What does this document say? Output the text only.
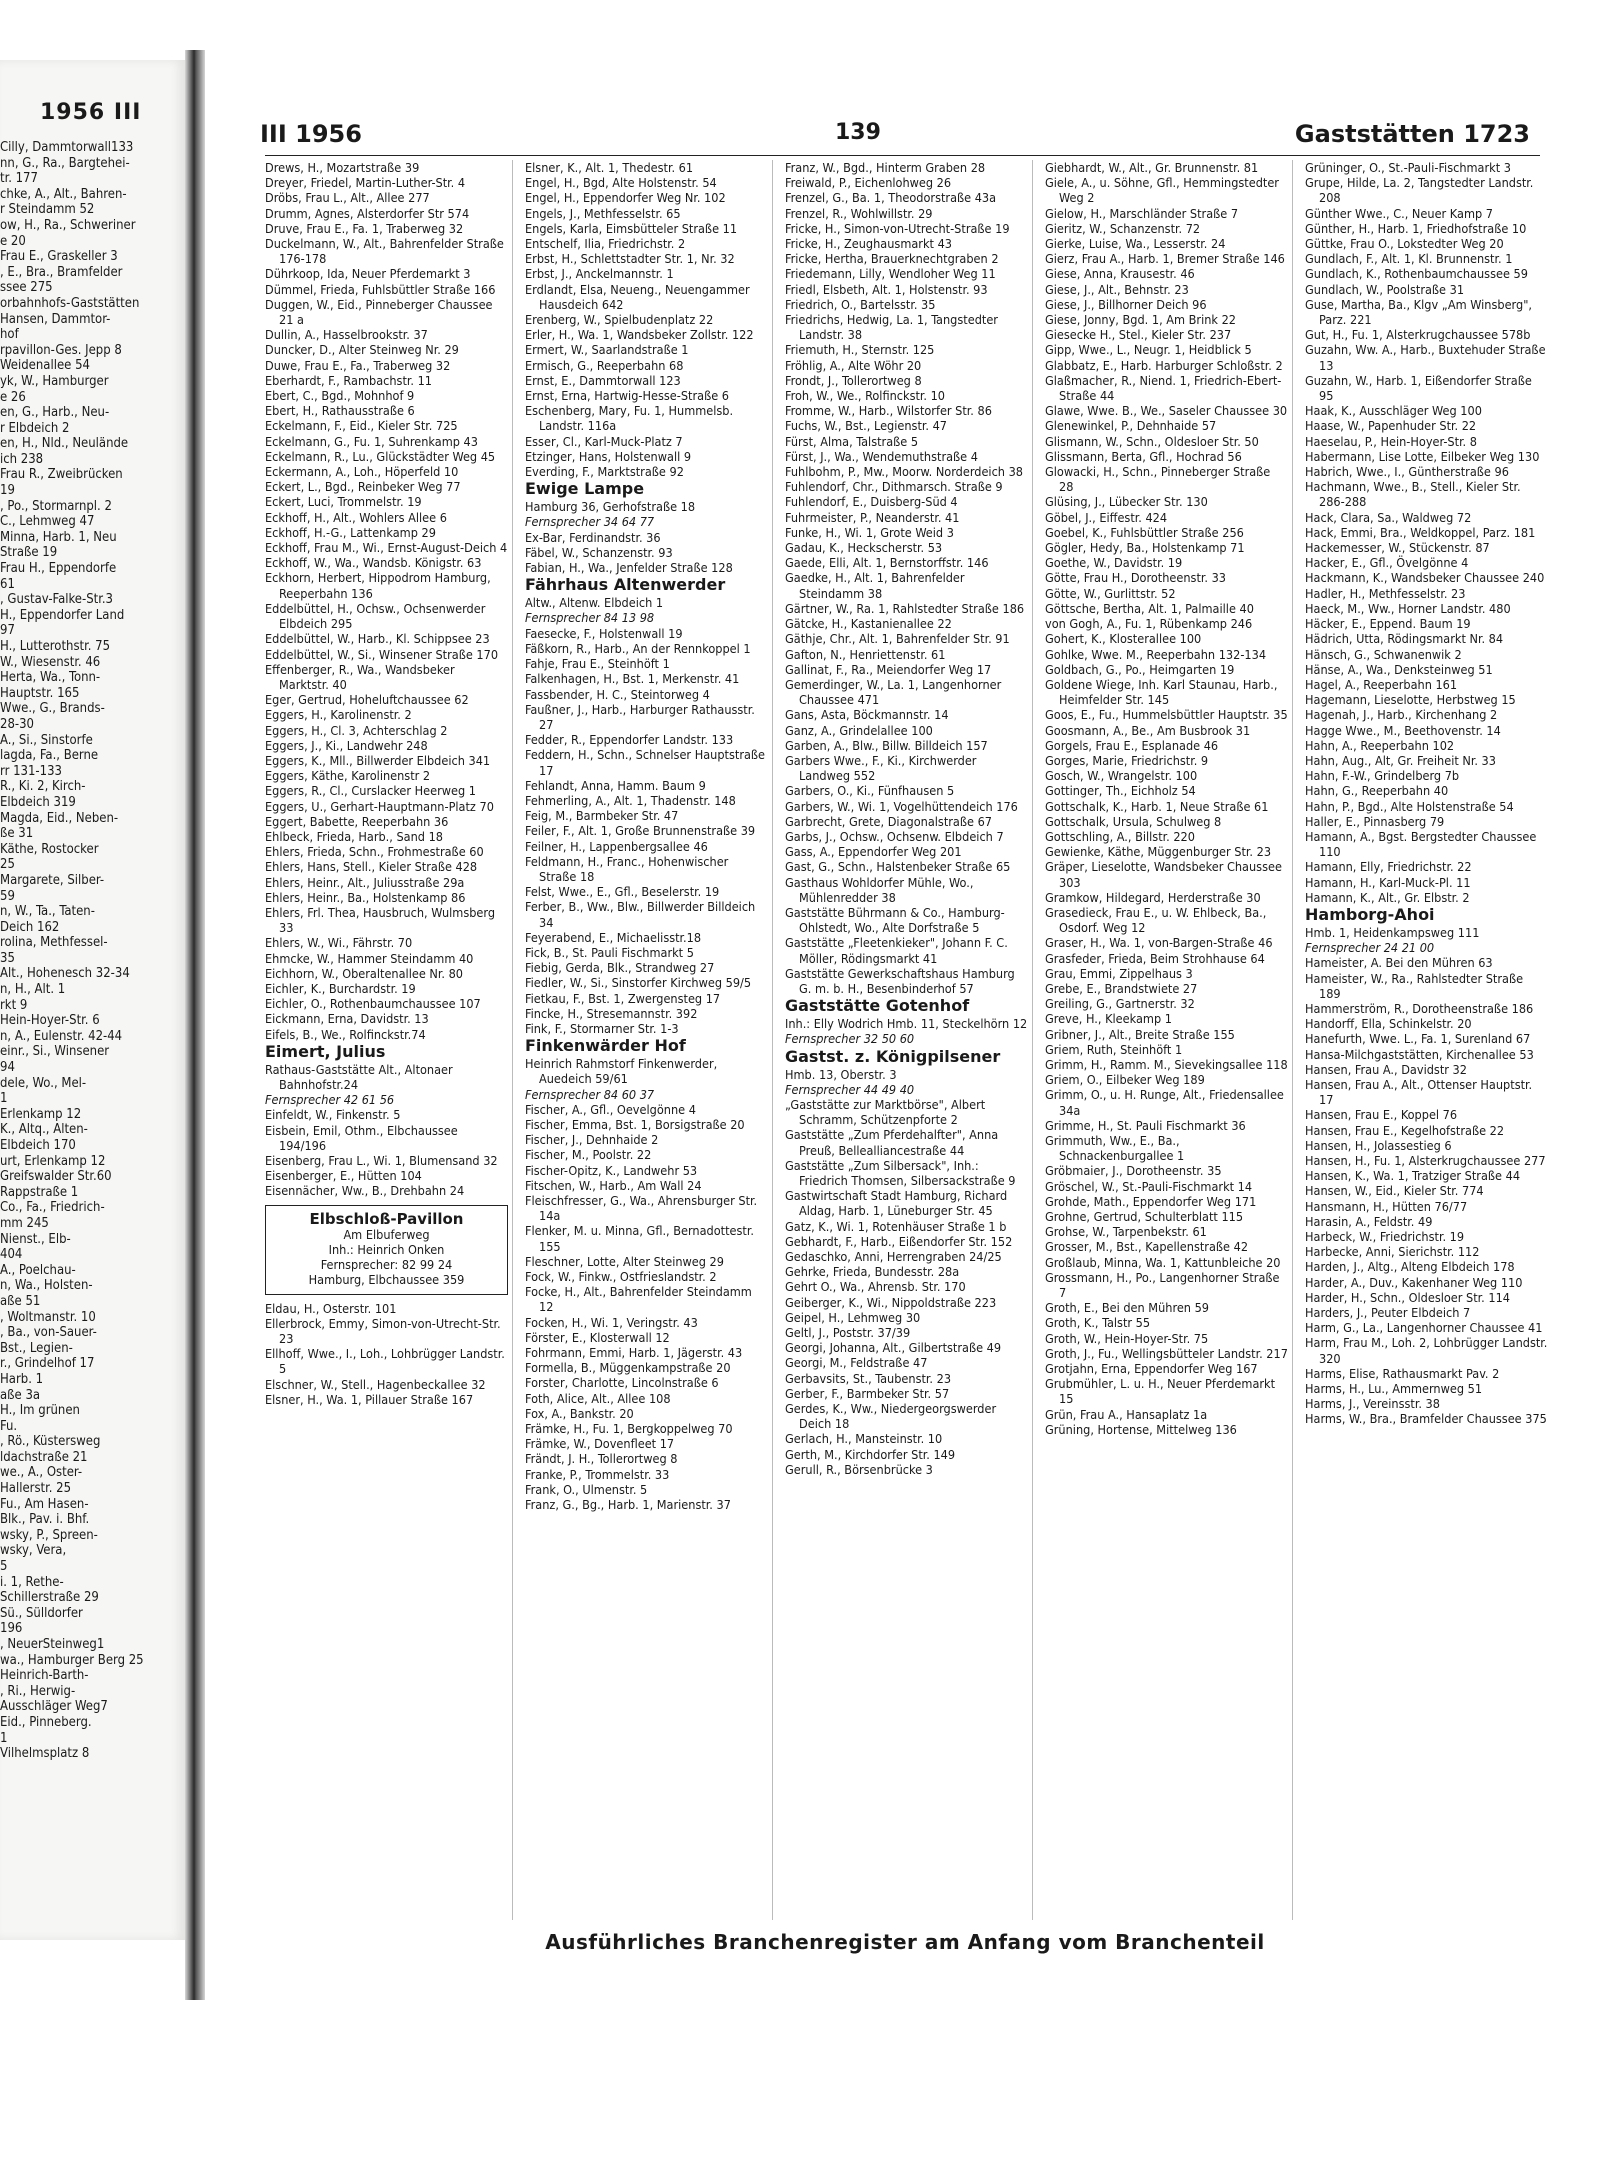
1956 III
Cilly, Dammtorwall133
nn, G., Ra., Bargtehei-
tr. 177
chke, A., Alt., Bahren-
r Steindamm 52
ow, H., Ra., Schweriner
e 20
Frau E., Graskeller 3
, E., Bra., Bramfelder
ssee 275
orbahnhofs-Gaststätten
Hansen, Dammtor-
hof
rpavillon-Ges. Jepp 8
Weidenallee 54
yk, W., Hamburger
e 26
en, G., Harb., Neu-
r Elbdeich 2
en, H., Nld., Neulände
ich 238
Frau R., Zweibrücken
19
, Po., Stormarnpl. 2
C., Lehmweg 47
Minna, Harb. 1, Neu
Straße 19
Frau H., Eppendorfe
61
, Gustav-Falke-Str.3
H., Eppendorfer Land
97
H., Lutterothstr. 75
W., Wiesenstr. 46
Herta, Wa., Tonn-
Hauptstr. 165
Wwe., G., Brands-
28-30
A., Si., Sinstorfe
lagda, Fa., Berne
rr 131-133
R., Ki. 2, Kirch-
Elbdeich 319
Magda, Eid., Neben-
ße 31
Käthe, Rostocker
25
Margarete, Silber-
59
n, W., Ta., Taten-
Deich 162
rolina, Methfessel-
35
Alt., Hohenesch 32-34
n, H., Alt. 1
rkt 9
Hein-Hoyer-Str. 6
n, A., Eulenstr. 42-44
einr., Si., Winsener
94
dele, Wo., Mel-
1
Erlenkamp 12
K., Altq., Alten-
Elbdeich 170
urt, Erlenkamp 12
Greifswalder Str.60
Rappstraße 1
Co., Fa., Friedrich-
mm 245
Nienst., Elb-
404
A., Poelchau-
n, Wa., Holsten-
aße 51
, Woltmanstr. 10
, Ba., von-Sauer-
Bst., Legien-
r., Grindelhof 17
Harb. 1
aße 3a
H., Im grünen
Fu.
, Rö., Küstersweg
ldachstraße 21
we., A., Oster-
Hallerstr. 25
Fu., Am Hasen-
Blk., Pav. i. Bhf.
wsky, P., Spreen-
wsky, Vera,
5
i. 1, Rethe-
Schillerstraße 29
Sü., Sülldorfer
196
, NeuerSteinweg1
wa., Hamburger Berg 25
Heinrich-Barth-
, Ri., Herwig-
Ausschläger Weg7
Eid., Pinneberg.
1
Vilhelmsplatz 8
III 1956	139	Gaststätten 1723

Drews, H., Mozartstraße 39

Dreyer, Friedel, Martin-Luther-Str. 4

Dröbs, Frau L., Alt., Allee 277

Drumm, Agnes, Alsterdorfer Str 574

Druve, Frau E., Fa. 1, Traberweg 32

Duckelmann, W., Alt., Bahrenfelder Straße 176-178

Dührkoop, Ida, Neuer Pferdemarkt 3

Dümmel, Frieda, Fuhlsbüttler Straße 166

Duggen, W., Eid., Pinneberger Chaussee 21 a

Dullin, A., Hasselbrookstr. 37

Duncker, D., Alter Steinweg Nr. 29

Duwe, Frau E., Fa., Traberweg 32

Eberhardt, F., Rambachstr. 11

Ebert, C., Bgd., Mohnhof 9

Ebert, H., Rathausstraße 6

Eckelmann, F., Eid., Kieler Str. 725

Eckelmann, G., Fu. 1, Suhrenkamp 43

Eckelmann, R., Lu., Glückstädter Weg 45

Eckermann, A., Loh., Höperfeld 10

Eckert, L., Bgd., Reinbeker Weg 77

Eckert, Luci, Trommelstr. 19

Eckhoff, H., Alt., Wohlers Allee 6

Eckhoff, H.-G., Lattenkamp 29

Eckhoff, Frau M., Wi., Ernst-August-Deich 4

Eckhoff, W., Wa., Wandsb. Königstr. 63

Eckhorn, Herbert, Hippodrom Hamburg, Reeperbahn 136

Eddelbüttel, H., Ochsw., Ochsenwerder Elbdeich 295

Eddelbüttel, W., Harb., Kl. Schippsee 23

Eddelbüttel, W., Si., Winsener Straße 170

Effenberger, R., Wa., Wandsbeker Marktstr. 40

Eger, Gertrud, Hoheluftchaussee 62

Eggers, H., Karolinenstr. 2

Eggers, H., Cl. 3, Achterschlag 2

Eggers, J., Ki., Landwehr 248

Eggers, K., Mll., Billwerder Elbdeich 341

Eggers, Käthe, Karolinenstr 2

Eggers, R., Cl., Curslacker Heerweg 1

Eggers, U., Gerhart-Hauptmann-Platz 70

Eggert, Babette, Reeperbahn 36

Ehlbeck, Frieda, Harb., Sand 18

Ehlers, Frieda, Schn., Frohmestraße 60

Ehlers, Hans, Stell., Kieler Straße 428

Ehlers, Heinr., Alt., Juliusstraße 29a

Ehlers, Heinr., Ba., Holstenkamp 86

Ehlers, Frl. Thea, Hausbruch, Wulmsberg 33

Ehlers, W., Wi., Fährstr. 70

Ehmcke, W., Hammer Steindamm 40

Eichhorn, W., Oberaltenallee Nr. 80

Eichler, K., Burchardstr. 19

Eichler, O., Rothenbaumchaussee 107

Eickmann, Erna, Davidstr. 13

Eifels, B., We., Rolfinckstr.74

Eimert, Julius

Rathaus-Gaststätte Alt., Altonaer Bahnhofstr.24

Fernsprecher 42 61 56

Einfeldt, W., Finkenstr. 5

Eisbein, Emil, Othm., Elbchaussee 194/196

Eisenberg, Frau L., Wi. 1, Blumensand 32

Eisenberger, E., Hütten 104

Eisennächer, Ww., B., Drehbahn 24

Elbschloß-Pavillon
Am Elbuferweg
Inh.: Heinrich Onken
Fernsprecher: 82 99 24
Hamburg, Elbchaussee 359

Eldau, H., Osterstr. 101

Ellerbrock, Emmy, Simon-von-Utrecht-Str. 23

Ellhoff, Wwe., I., Loh., Lohbrügger Landstr. 5

Elschner, W., Stell., Hagenbeckallee 32

Elsner, H., Wa. 1, Pillauer Straße 167

Elsner, K., Alt. 1, Thedestr. 61

Engel, H., Bgd, Alte Holstenstr. 54

Engel, H., Eppendorfer Weg Nr. 102

Engels, J., Methfesselstr. 65

Engels, Karla, Eimsbütteler Straße 11

Entschelf, Ilia, Friedrichstr. 2

Erbst, H., Schlettstadter Str. 1, Nr. 32

Erbst, J., Anckelmannstr. 1

Erdlandt, Elsa, Neueng., Neuengammer Hausdeich 642

Erenberg, W., Spielbudenplatz 22

Erler, H., Wa. 1, Wandsbeker Zollstr. 122

Ermert, W., Saarlandstraße 1

Ermisch, G., Reeperbahn 68

Ernst, E., Dammtorwall 123

Ernst, Erna, Hartwig-Hesse-Straße 6

Eschenberg, Mary, Fu. 1, Hummelsb. Landstr. 116a

Esser, Cl., Karl-Muck-Platz 7

Etzinger, Hans, Holstenwall 9

Everding, F., Marktstraße 92

Ewige Lampe

Hamburg 36, Gerhofstraße 18

Fernsprecher 34 64 77

Ex-Bar, Ferdinandstr. 36

Fäbel, W., Schanzenstr. 93

Fabian, H., Wa., Jenfelder Straße 128

Fährhaus Altenwerder

Altw., Altenw. Elbdeich 1

Fernsprecher 84 13 98

Faesecke, F., Holstenwall 19

Fäßkorn, R., Harb., An der Rennkoppel 1

Fahje, Frau E., Steinhöft 1

Falkenhagen, H., Bst. 1, Merkenstr. 41

Fassbender, H. C., Steintorweg 4

Faußner, J., Harb., Harburger Rathausstr. 27

Fedder, R., Eppendorfer Landstr. 133

Feddern, H., Schn., Schnelser Hauptstraße 17

Fehlandt, Anna, Hamm. Baum 9

Fehmerling, A., Alt. 1, Thadenstr. 148

Feig, M., Barmbeker Str. 47

Feiler, F., Alt. 1, Große Brunnenstraße 39

Feilner, H., Lappenbergsallee 46

Feldmann, H., Franc., Hohenwischer Straße 18

Felst, Wwe., E., Gfl., Beselerstr. 19

Ferber, B., Ww., Blw., Billwerder Billdeich 34

Feyerabend, E., Michaelisstr.18

Fick, B., St. Pauli Fischmarkt 5

Fiebig, Gerda, Blk., Strandweg 27

Fiedler, W., Si., Sinstorfer Kirchweg 59/5

Fietkau, F., Bst. 1, Zwergensteg 17

Fincke, H., Stresemannstr. 392

Fink, F., Stormarner Str. 1-3

Finkenwärder Hof

Heinrich Rahmstorf Finkenwerder, Auedeich 59/61

Fernsprecher 84 60 37

Fischer, A., Gfl., Oevelgönne 4

Fischer, Emma, Bst. 1, Borsigstraße 20

Fischer, J., Dehnhaide 2

Fischer, M., Poolstr. 22

Fischer-Opitz, K., Landwehr 53

Fitschen, W., Harb., Am Wall 24

Fleischfresser, G., Wa., Ahrensburger Str. 14a

Flenker, M. u. Minna, Gfl., Bernadottestr. 155

Fleschner, Lotte, Alter Steinweg 29

Fock, W., Finkw., Ostfrieslandstr. 2

Focke, H., Alt., Bahrenfelder Steindamm 12

Focken, H., Wi. 1, Veringstr. 43

Förster, E., Klosterwall 12

Fohrmann, Emmi, Harb. 1, Jägerstr. 43

Formella, B., Müggenkampstraße 20

Forster, Charlotte, Lincolnstraße 6

Foth, Alice, Alt., Allee 108

Fox, A., Bankstr. 20

Främke, H., Fu. 1, Bergkoppelweg 70

Främke, W., Dovenfleet 17

Frändt, J. H., Tollerortweg 8

Franke, P., Trommelstr. 33

Frank, O., Ulmenstr. 5

Franz, G., Bg., Harb. 1, Marienstr. 37

Franz, W., Bgd., Hinterm Graben 28

Freiwald, P., Eichenlohweg 26

Frenzel, G., Ba. 1, Theodorstraße 43a

Frenzel, R., Wohlwillstr. 29

Fricke, H., Simon-von-Utrecht-Straße 19

Fricke, H., Zeughausmarkt 43

Fricke, Hertha, Brauerknechtgraben 2

Friedemann, Lilly, Wendloher Weg 11

Friedl, Elsbeth, Alt. 1, Holstenstr. 93

Friedrich, O., Bartelsstr. 35

Friedrichs, Hedwig, La. 1, Tangstedter Landstr. 38

Friemuth, H., Sternstr. 125

Fröhlig, A., Alte Wöhr 20

Frondt, J., Tollerortweg 8

Froh, W., We., Rolfinckstr. 10

Fromme, W., Harb., Wilstorfer Str. 86

Fuchs, W., Bst., Legienstr. 47

Fürst, Alma, Talstraße 5

Fürst, J., Wa., Wendemuthstraße 4

Fuhlbohm, P., Mw., Moorw. Norderdeich 38

Fuhlendorf, Chr., Dithmarsch. Straße 9

Fuhlendorf, E., Duisberg-Süd 4

Fuhrmeister, P., Neanderstr. 41

Funke, H., Wi. 1, Grote Weid 3

Gadau, K., Heckscherstr. 53

Gaede, Elli, Alt. 1, Bernstorffstr. 146

Gaedke, H., Alt. 1, Bahrenfelder Steindamm 38

Gärtner, W., Ra. 1, Rahlstedter Straße 186

Gätcke, H., Kastanienallee 22

Gäthje, Chr., Alt. 1, Bahrenfelder Str. 91

Gafton, N., Henriettenstr. 61

Gallinat, F., Ra., Meiendorfer Weg 17

Gemerdinger, W., La. 1, Langenhorner Chaussee 471

Gans, Asta, Böckmannstr. 14

Ganz, A., Grindelallee 100

Garben, A., Blw., Billw. Billdeich 157

Garbers Wwe., F., Ki., Kirchwerder Landweg 552

Garbers, O., Ki., Fünfhausen 5

Garbers, W., Wi. 1, Vogelhüttendeich 176

Garbrecht, Grete, Diagonalstraße 67

Garbs, J., Ochsw., Ochsenw. Elbdeich 7

Gass, A., Eppendorfer Weg 201

Gast, G., Schn., Halstenbeker Straße 65

Gasthaus Wohldorfer Mühle, Wo., Mühlenredder 38

Gaststätte Bührmann & Co., Hamburg-Ohlstedt, Wo., Alte Dorfstraße 5

Gaststätte „Fleetenkieker", Johann F. C. Möller, Rödingsmarkt 41

Gaststätte Gewerkschaftshaus Hamburg G. m. b. H., Besenbinderhof 57

Gaststätte Gotenhof

Inh.: Elly Wodrich Hmb. 11, Steckelhörn 12

Fernsprecher 32 50 60

Gastst. z. Königpilsener

Hmb. 13, Oberstr. 3

Fernsprecher 44 49 40

„Gaststätte zur Marktbörse", Albert Schramm, Schützenpforte 2

Gaststätte „Zum Pferdehalfter", Anna Preuß, Bellealliancestraße 44

Gaststätte „Zum Silbersack", Inh.: Friedrich Thomsen, Silbersackstraße 9

Gastwirtschaft Stadt Hamburg, Richard Aldag, Harb. 1, Lüneburger Str. 45

Gatz, K., Wi. 1, Rotenhäuser Straße 1 b

Gebhardt, F., Harb., Eißendorfer Str. 152

Gedaschko, Anni, Herrengraben 24/25

Gehrke, Frieda, Bundesstr. 28a

Gehrt O., Wa., Ahrensb. Str. 170

Geiberger, K., Wi., Nippoldstraße 223

Geipel, H., Lehmweg 30

Geltl, J., Poststr. 37/39

Georgi, Johanna, Alt., Gilbertstraße 49

Georgi, M., Feldstraße 47

Gerbavsits, St., Taubenstr. 23

Gerber, F., Barmbeker Str. 57

Gerdes, K., Ww., Niedergeorgswerder Deich 18

Gerlach, H., Mansteinstr. 10

Gerth, M., Kirchdorfer Str. 149

Gerull, R., Börsenbrücke 3

Giebhardt, W., Alt., Gr. Brunnenstr. 81

Giele, A., u. Söhne, Gfl., Hemmingstedter Weg 2

Gielow, H., Marschländer Straße 7

Gieritz, W., Schanzenstr. 72

Gierke, Luise, Wa., Lesserstr. 24

Gierz, Frau A., Harb. 1, Bremer Straße 146

Giese, Anna, Krausestr. 46

Giese, J., Alt., Behnstr. 23

Giese, J., Billhorner Deich 96

Giese, Jonny, Bgd. 1, Am Brink 22

Giesecke H., Stel., Kieler Str. 237

Gipp, Wwe., L., Neugr. 1, Heidblick 5

Glabbatz, E., Harb. Harburger Schloßstr. 2

Glaßmacher, R., Niend. 1, Friedrich-Ebert-Straße 44

Glawe, Wwe. B., We., Saseler Chaussee 30

Glenewinkel, P., Dehnhaide 57

Glismann, W., Schn., Oldesloer Str. 50

Glissmann, Berta, Gfl., Hochrad 56

Glowacki, H., Schn., Pinneberger Straße 28

Glüsing, J., Lübecker Str. 130

Göbel, J., Eiffestr. 424

Goebel, K., Fuhlsbüttler Straße 256

Gögler, Hedy, Ba., Holstenkamp 71

Goethe, W., Davidstr. 19

Götte, Frau H., Dorotheenstr. 33

Götte, W., Gurlittstr. 52

Göttsche, Bertha, Alt. 1, Palmaille 40

von Gogh, A., Fu. 1, Rübenkamp 246

Gohert, K., Klosterallee 100

Gohlke, Wwe. M., Reeperbahn 132-134

Goldbach, G., Po., Heimgarten 19

Goldene Wiege, Inh. Karl Staunau, Harb., Heimfelder Str. 145

Goos, E., Fu., Hummelsbüttler Hauptstr. 35

Goosmann, A., Be., Am Busbrook 31

Gorgels, Frau E., Esplanade 46

Gorges, Marie, Friedrichstr. 9

Gosch, W., Wrangelstr. 100

Gottinger, Th., Eichholz 54

Gottschalk, K., Harb. 1, Neue Straße 61

Gottschalk, Ursula, Schulweg 8

Gottschling, A., Billstr. 220

Gewienke, Käthe, Müggenburger Str. 23

Gräper, Lieselotte, Wandsbeker Chaussee 303

Gramkow, Hildegard, Herderstraße 30

Grasedieck, Frau E., u. W. Ehlbeck, Ba., Osdorf. Weg 12

Graser, H., Wa. 1, von-Bargen-Straße 46

Grasfeder, Frieda, Beim Strohhause 64

Grau, Emmi, Zippelhaus 3

Grebe, E., Brandstwiete 27

Greiling, G., Gartnerstr. 32

Greve, H., Kleekamp 1

Gribner, J., Alt., Breite Straße 155

Griem, Ruth, Steinhöft 1

Grimm, H., Ramm. M., Sievekingsallee 118

Griem, O., Eilbeker Weg 189

Grimm, O., u. H. Runge, Alt., Friedensallee 34a

Grimme, H., St. Pauli Fischmarkt 36

Grimmuth, Ww., E., Ba., Schnackenburgallee 1

Gröbmaier, J., Dorotheenstr. 35

Gröschel, W., St.-Pauli-Fischmarkt 14

Grohde, Math., Eppendorfer Weg 171

Grohne, Gertrud, Schulterblatt 115

Grohse, W., Tarpenbekstr. 61

Grosser, M., Bst., Kapellenstraße 42

Großlaub, Minna, Wa. 1, Kattunbleiche 20

Grossmann, H., Po., Langenhorner Straße 7

Groth, E., Bei den Mühren 59

Groth, K., Talstr 55

Groth, W., Hein-Hoyer-Str. 75

Groth, J., Fu., Wellingsbütteler Landstr. 217

Grotjahn, Erna, Eppendorfer Weg 167

Grubmühler, L. u. H., Neuer Pferdemarkt 15

Grün, Frau A., Hansaplatz 1a

Grüning, Hortense, Mittelweg 136

Grüninger, O., St.-Pauli-Fischmarkt 3

Grupe, Hilde, La. 2, Tangstedter Landstr. 208

Günther Wwe., C., Neuer Kamp 7

Günther, H., Harb. 1, Friedhofstraße 10

Güttke, Frau O., Lokstedter Weg 20

Gundlach, F., Alt. 1, Kl. Brunnenstr. 1

Gundlach, K., Rothenbaumchaussee 59

Gundlach, W., Poolstraße 31

Guse, Martha, Ba., Klgv „Am Winsberg", Parz. 221

Gut, H., Fu. 1, Alsterkrugchaussee 578b

Guzahn, Ww. A., Harb., Buxtehuder Straße 13

Guzahn, W., Harb. 1, Eißendorfer Straße 95

Haak, K., Ausschläger Weg 100

Haase, W., Papenhuder Str. 22

Haeselau, P., Hein-Hoyer-Str. 8

Habermann, Lise Lotte, Eilbeker Weg 130

Habrich, Wwe., I., Güntherstraße 96

Hachmann, Wwe., B., Stell., Kieler Str. 286-288

Hack, Clara, Sa., Waldweg 72

Hack, Emmi, Bra., Weldkoppel, Parz. 181

Hackemesser, W., Stückenstr. 87

Hacker, E., Gfl., Övelgönne 4

Hackmann, K., Wandsbeker Chaussee 240

Hadler, H., Methfesselstr. 23

Haeck, M., Ww., Horner Landstr. 480

Häcker, E., Eppend. Baum 19

Hädrich, Utta, Rödingsmarkt Nr. 84

Hänsch, G., Schwanenwik 2

Hänse, A., Wa., Denksteinweg 51

Hagel, A., Reeperbahn 161

Hagemann, Lieselotte, Herbstweg 15

Hagenah, J., Harb., Kirchenhang 2

Hagge Wwe., M., Beethovenstr. 14

Hahn, A., Reeperbahn 102

Hahn, Aug., Alt, Gr. Freiheit Nr. 33

Hahn, F.-W., Grindelberg 7b

Hahn, G., Reeperbahn 40

Hahn, P., Bgd., Alte Holstenstraße 54

Haller, E., Pinnasberg 79

Hamann, A., Bgst. Bergstedter Chaussee 110

Hamann, Elly, Friedrichstr. 22

Hamann, H., Karl-Muck-Pl. 11

Hamann, K., Alt., Gr. Elbstr. 2

Hamborg-Ahoi

Hmb. 1, Heidenkampsweg 111

Fernsprecher 24 21 00

Hameister, A. Bei den Mühren 63

Hameister, W., Ra., Rahlstedter Straße 189

Hammerström, R., Dorotheenstraße 186

Handorff, Ella, Schinkelstr. 20

Hanefurth, Wwe. L., Fa. 1, Surenland 67

Hansa-Milchgaststätten, Kirchenallee 53

Hansen, Frau A., Davidstr 32

Hansen, Frau A., Alt., Ottenser Hauptstr. 17

Hansen, Frau E., Koppel 76

Hansen, Frau E., Kegelhofstraße 22

Hansen, H., Jolassestieg 6

Hansen, H., Fu. 1, Alsterkrugchaussee 277

Hansen, K., Wa. 1, Tratziger Straße 44

Hansen, W., Eid., Kieler Str. 774

Hansmann, H., Hütten 76/77

Harasin, A., Feldstr. 49

Harbeck, W., Friedrichstr. 19

Harbecke, Anni, Sierichstr. 112

Harden, J., Altg., Alteng Elbdeich 178

Harder, A., Duv., Kakenhaner Weg 110

Harder, H., Schn., Oldesloer Str. 114

Harders, J., Peuter Elbdeich 7

Harm, G., La., Langenhorner Chaussee 41

Harm, Frau M., Loh. 2, Lohbrügger Landstr. 320

Harms, Elise, Rathausmarkt Pav. 2

Harms, H., Lu., Ammernweg 51

Harms, J., Vereinsstr. 38

Harms, W., Bra., Bramfelder Chaussee 375

Ausführliches Branchenregister am Anfang vom Branchenteil
